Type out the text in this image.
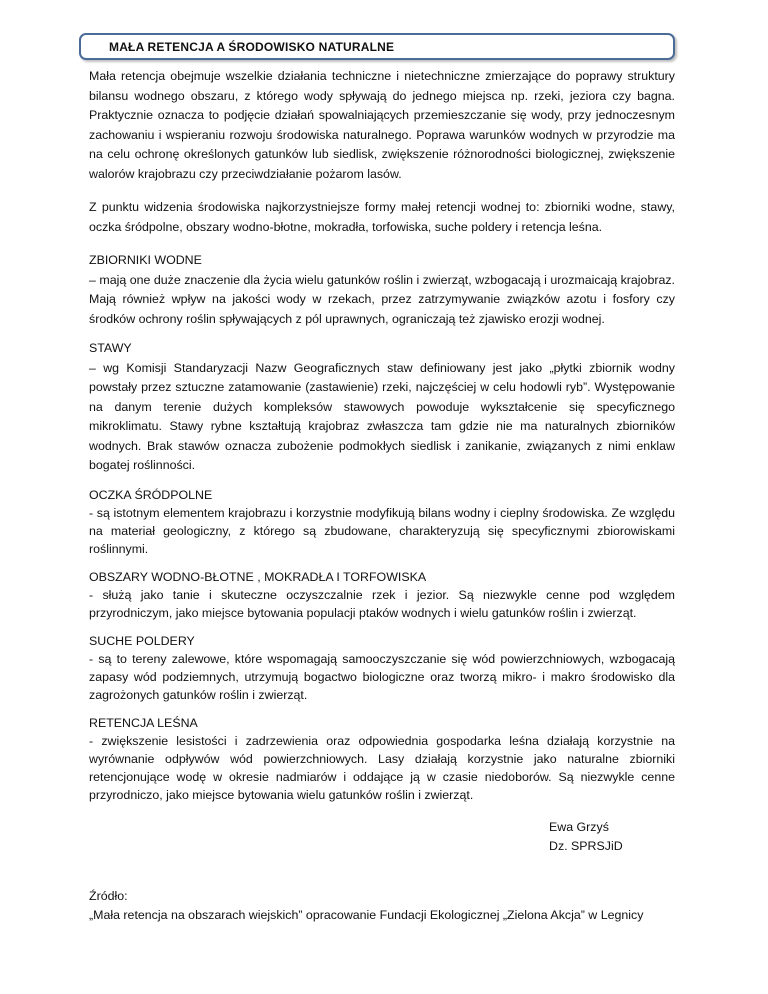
MAŁA RETENCJA A ŚRODOWISKO NATURALNE

Mała retencja obejmuje wszelkie działania techniczne i nietechniczne zmierzające do poprawy struktury bilansu wodnego obszaru, z którego wody spływają do jednego miejsca np. rzeki, jeziora czy bagna. Praktycznie oznacza to podjęcie działań spowalniających przemieszczanie się wody, przy jednoczesnym zachowaniu i wspieraniu rozwoju środowiska naturalnego. Poprawa warunków wodnych w przyrodzie ma na celu ochronę określonych gatunków lub siedlisk, zwiększenie różnorodności biologicznej, zwiększenie walorów krajobrazu czy przeciwdziałanie pożarom lasów.

Z punktu widzenia środowiska najkorzystniejsze formy małej retencji wodnej to: zbiorniki wodne, stawy, oczka śródpolne, obszary wodno-błotne, mokradła, torfowiska, suche poldery i retencja leśna.

ZBIORNIKI WODNE

– mają one duże znaczenie dla życia wielu gatunków roślin i zwierząt, wzbogacają i urozmaicają krajobraz. Mają również wpływ na jakości wody w rzekach, przez zatrzymywanie związków azotu i fosfory czy środków ochrony roślin spływających z pól uprawnych, ograniczają też zjawisko erozji wodnej.

STAWY

– wg Komisji Standaryzacji Nazw Geograficznych staw definiowany jest jako „płytki zbiornik wodny powstały przez sztuczne zatamowanie (zastawienie) rzeki, najczęściej w celu hodowli ryb”. Występowanie na danym terenie dużych kompleksów stawowych powoduje wykształcenie się specyficznego mikroklimatu. Stawy rybne kształtują krajobraz zwłaszcza tam gdzie nie ma naturalnych zbiorników wodnych. Brak stawów oznacza zubożenie podmokłych siedlisk i zanikanie, związanych z nimi enklaw bogatej roślinności.

OCZKA ŚRÓDPOLNE

- są istotnym elementem krajobrazu i korzystnie modyfikują bilans wodny i cieplny środowiska. Ze względu na materiał geologiczny, z którego są zbudowane, charakteryzują się specyficznymi zbiorowiskami roślinnymi.

OBSZARY WODNO-BŁOTNE , MOKRADŁA I TORFOWISKA

- służą jako tanie i skuteczne oczyszczalnie rzek i jezior. Są niezwykle cenne pod względem przyrodniczym, jako miejsce bytowania populacji ptaków wodnych i wielu gatunków roślin i zwierząt.

SUCHE POLDERY

- są to tereny zalewowe, które wspomagają samooczyszczanie się wód powierzchniowych, wzbogacają zapasy wód podziemnych, utrzymują bogactwo biologiczne oraz tworzą mikro- i makro środowisko dla zagrożonych gatunków roślin i zwierząt.

RETENCJA LEŚNA

- zwiększenie lesistości i zadrzewienia oraz odpowiednia gospodarka leśna działają korzystnie na wyrównanie odpływów wód powierzchniowych. Lasy działają korzystnie jako naturalne zbiorniki retencjonujące wodę w okresie nadmiarów i oddające ją w czasie niedoborów. Są niezwykle cenne przyrodniczo, jako miejsce bytowania wielu gatunków roślin i zwierząt.

Ewa Grzyś
Dz. SPRSJiD
Źródło:
„Mała retencja na obszarach wiejskich” opracowanie Fundacji Ekologicznej „Zielona Akcja” w Legnicy
